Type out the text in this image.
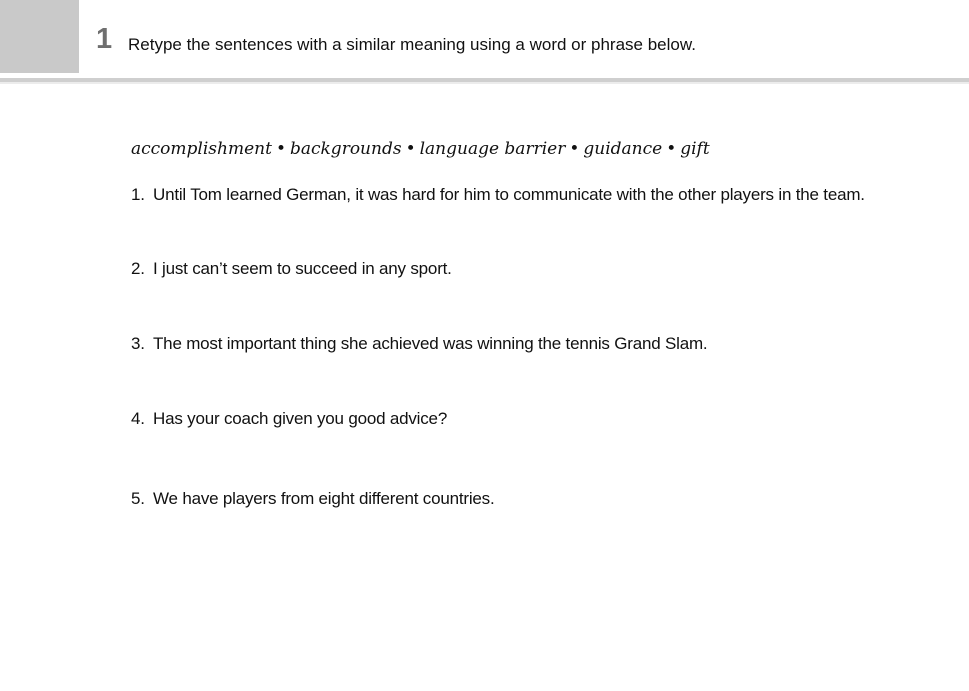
1 Retype the sentences with a similar meaning using a word or phrase below.
accomplishment • backgrounds • language barrier • guidance • gift
1. Until Tom learned German, it was hard for him to communicate with the other players in the team.
2. I just can’t seem to succeed in any sport.
3. The most important thing she achieved was winning the tennis Grand Slam.
4. Has your coach given you good advice?
5. We have players from eight different countries.
